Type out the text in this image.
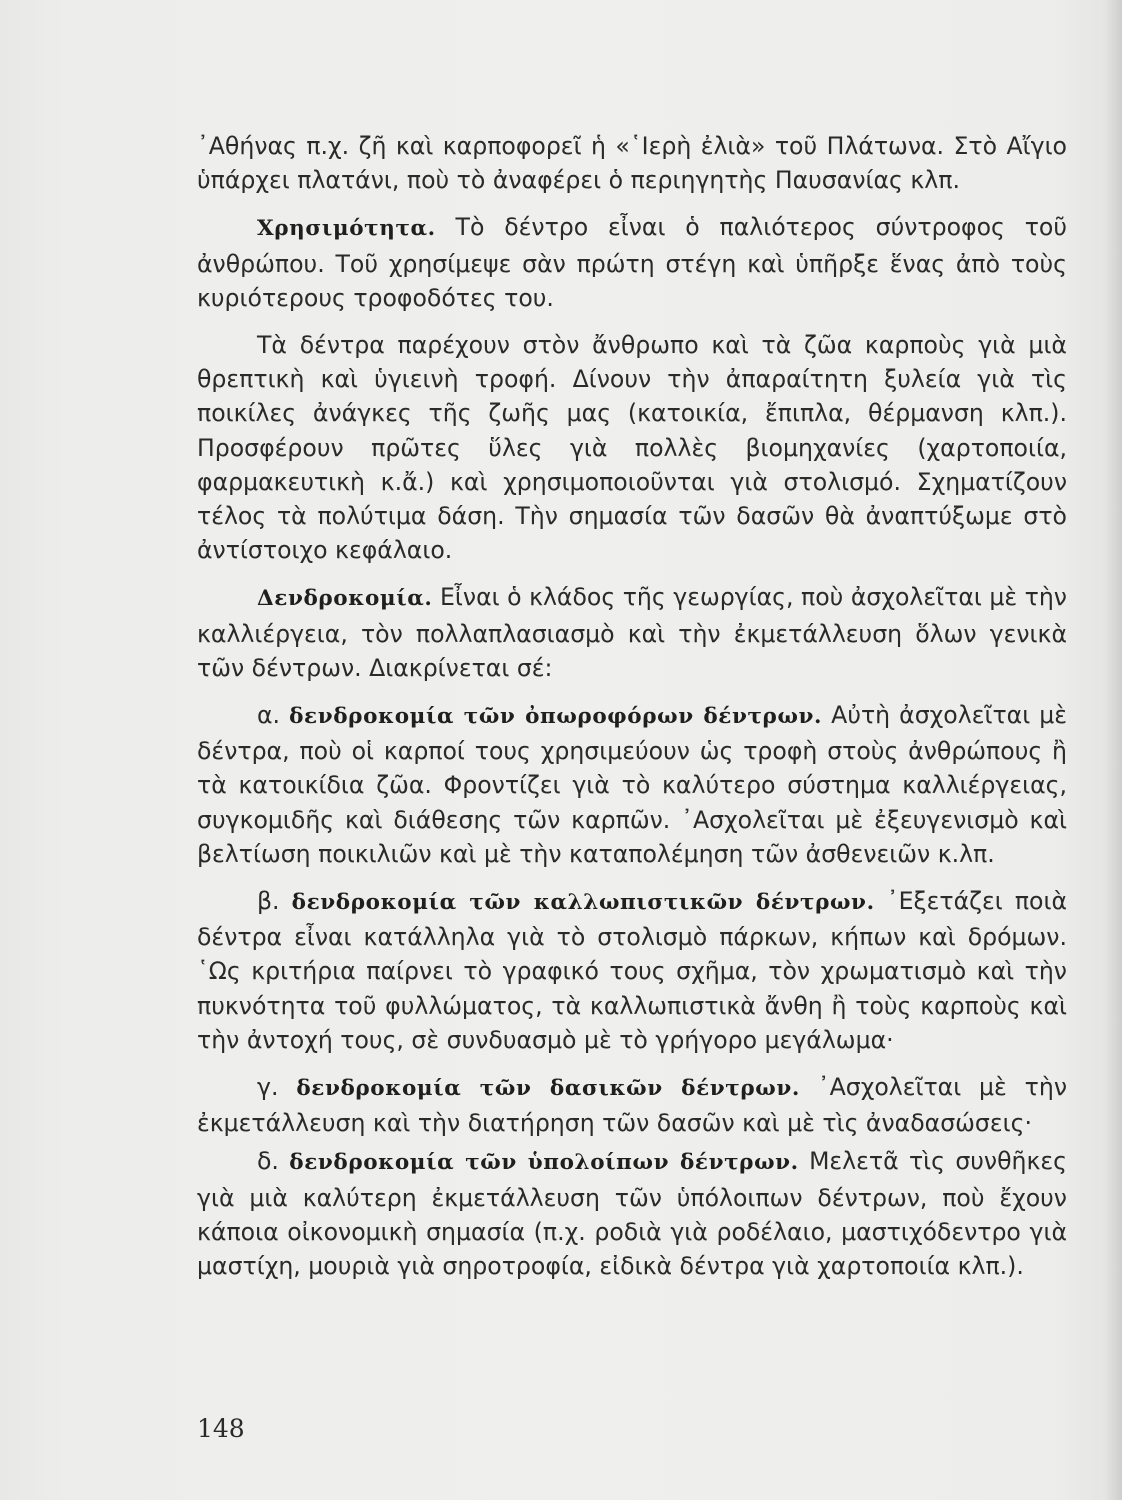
᾿Αθήνας π.χ. ζῆ καὶ καρποφορεῖ ἡ «῾Ιερὴ ἐλιὰ» τοῦ Πλάτωνα. Στὸ Αἴγιο ὑπάρχει πλατάνι, ποὺ τὸ ἀναφέρει ὁ περιηγητὴς Παυσανίας κλπ.

Χρησιμότητα. Τὸ δέντρο εἶναι ὁ παλιότερος σύντροφος τοῦ ἀνθρώπου. Τοῦ χρησίμεψε σὰν πρώτη στέγη καὶ ὑπῆρξε ἕνας ἀπὸ τοὺς κυριότερους τροφοδότες του.

Τὰ δέντρα παρέχουν στὸν ἄνθρωπο καὶ τὰ ζῶα καρποὺς γιὰ μιὰ θρεπτικὴ καὶ ὑγιεινὴ τροφή. Δίνουν τὴν ἀπαραίτητη ξυλεία γιὰ τὶς ποικίλες ἀνάγκες τῆς ζωῆς μας (κατοικία, ἔπιπλα, θέρμανση κλπ.). Προσφέρουν πρῶτες ὕλες γιὰ πολλὲς βιομηχανίες (χαρτοποιία, φαρμακευτικὴ κ.ἄ.) καὶ χρησιμοποιοῦνται γιὰ στολισμό. Σχηματίζουν τέλος τὰ πολύτιμα δάση. Τὴν σημασία τῶν δασῶν θὰ ἀναπτύξωμε στὸ ἀντίστοιχο κεφάλαιο.

Δενδροκομία. Εἶναι ὁ κλάδος τῆς γεωργίας, ποὺ ἀσχολεῖται μὲ τὴν καλλιέργεια, τὸν πολλαπλασιασμὸ καὶ τὴν ἐκμετάλλευση ὅλων γενικὰ τῶν δέντρων. Διακρίνεται σέ:

α. δενδροκομία τῶν ὀπωροφόρων δέντρων. Αὐτὴ ἀσχολεῖται μὲ δέντρα, ποὺ οἱ καρποί τους χρησιμεύουν ὡς τροφὴ στοὺς ἀνθρώπους ἢ τὰ κατοικίδια ζῶα. Φροντίζει γιὰ τὸ καλύτερο σύστημα καλλιέργειας, συγκομιδῆς καὶ διάθεσης τῶν καρπῶν. ᾿Ασχολεῖται μὲ ἐξευγενισμὸ καὶ βελτίωση ποικιλιῶν καὶ μὲ τὴν καταπολέμηση τῶν ἀσθενειῶν κ.λπ.

β. δενδροκομία τῶν καλλωπιστικῶν δέντρων. ᾿Εξετάζει ποιὰ δέντρα εἶναι κατάλληλα γιὰ τὸ στολισμὸ πάρκων, κήπων καὶ δρόμων. ῾Ως κριτήρια παίρνει τὸ γραφικό τους σχῆμα, τὸν χρωματισμὸ καὶ τὴν πυκνότητα τοῦ φυλλώματος, τὰ καλλωπιστικὰ ἄνθη ἢ τοὺς καρποὺς καὶ τὴν ἀντοχή τους, σὲ συνδυασμὸ μὲ τὸ γρήγορο μεγάλωμα·

γ. δενδροκομία τῶν δασικῶν δέντρων. ᾿Ασχολεῖται μὲ τὴν ἐκμετάλλευση καὶ τὴν διατήρηση τῶν δασῶν καὶ μὲ τὶς ἀναδασώσεις·

δ. δενδροκομία τῶν ὑπολοίπων δέντρων. Μελετᾶ τὶς συνθῆκες γιὰ μιὰ καλύτερη ἐκμετάλλευση τῶν ὑπόλοιπων δέντρων, ποὺ ἔχουν κάποια οἰκονομικὴ σημασία (π.χ. ροδιὰ γιὰ ροδέλαιο, μαστιχόδεντρο γιὰ μαστίχη, μουριὰ γιὰ σηροτροφία, εἰδικὰ δέντρα γιὰ χαρτοποιία κλπ.).

148
